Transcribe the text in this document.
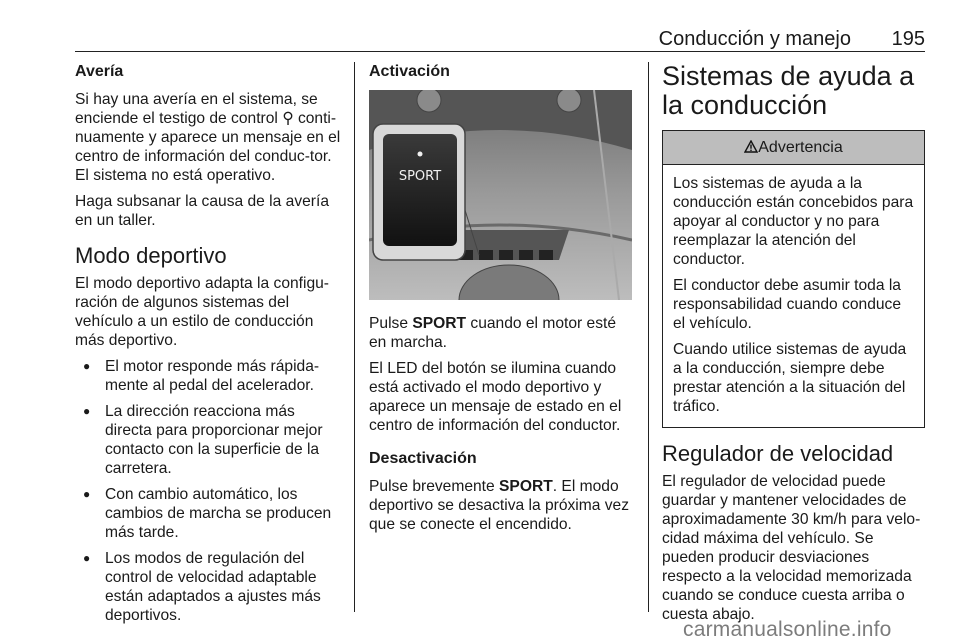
Conducción y manejo 195
Avería

Si hay una avería en el sistema, se enciende el testigo de control ⚲ conti-nuamente y aparece un mensaje en el centro de información del conduc-tor. El sistema no está operativo.

Haga subsanar la causa de la avería en un taller.

Modo deportivo

El modo deportivo adapta la configu-ración de algunos sistemas del vehículo a un estilo de conducción más deportivo.

● El motor responde más rápida-mente al pedal del acelerador.
● La dirección reacciona más directa para proporcionar mejor contacto con la superficie de la carretera.
● Con cambio automático, los cambios de marcha se producen más tarde.
● Los modos de regulación del control de velocidad adaptable están adaptados a ajustes más deportivos.
Activación
SPORT

Pulse SPORT cuando el motor esté en marcha.

El LED del botón se ilumina cuando está activado el modo deportivo y aparece un mensaje de estado en el centro de información del conductor.

Desactivación

Pulse brevemente SPORT. El modo deportivo se desactiva la próxima vez que se conecte el encendido.

Sistemas de ayuda a la conducción
Advertencia

Los sistemas de ayuda a la conducción están concebidos para apoyar al conductor y no para reemplazar la atención del conductor.

El conductor debe asumir toda la responsabilidad cuando conduce el vehículo.

Cuando utilice sistemas de ayuda a la conducción, siempre debe prestar atención a la situación del tráfico.

Regulador de velocidad

El regulador de velocidad puede guardar y mantener velocidades de aproximadamente 30 km/h para velo-cidad máxima del vehículo. Se pueden producir desviaciones respecto a la velocidad memorizada cuando se conduce cuesta arriba o cuesta abajo.

carmanualsonline.info
